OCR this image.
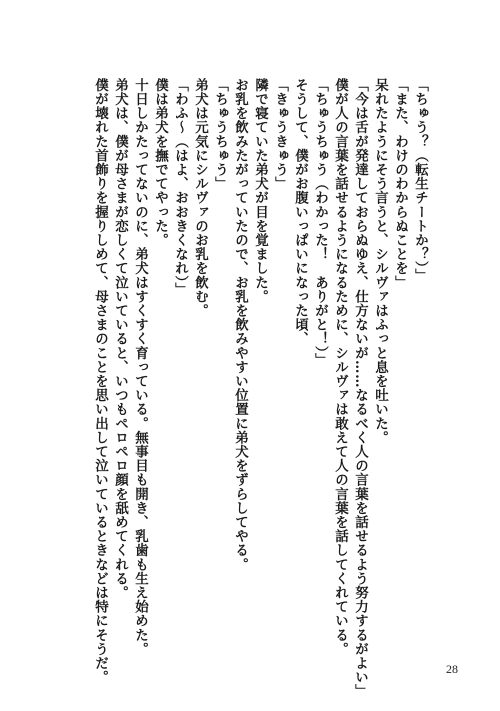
「ちゅう？（転生チートか？）」
「また、わけのわからぬことを」
呆れたようにそう言うと、シルヴァはふっと息を吐いた。
「今は舌が発達しておらぬゆえ、仕方ないが……なるべく人の言葉を話せるよう努力するがよい」
僕が人の言葉を話せるようになるために、シルヴァは敢えて人の言葉を話してくれている。
「ちゅうちゅう（わかった！　ありがと！）」
そうして、僕がお腹いっぱいになった頃、
「きゅうきゅう」
隣で寝ていた弟犬が目を覚ました。
お乳を飲みたがっていたので、お乳を飲みやすい位置に弟犬をずらしてやる。
「ちゅうちゅう」
弟犬は元気にシルヴァのお乳を飲む。
「わふ～（はよ、おおきくなれ）」
僕は弟犬を撫でてやった。
十日しかたってないのに、弟犬はすくすく育っている。無事目も開き、乳歯も生え始めた。
弟犬は、僕が母さまが恋しくて泣いていると、いつもペロペロ顔を舐めてくれる。
僕が壊れた首飾りを握りしめて、母さまのことを思い出して泣いているときなどは特にそうだ。	28
